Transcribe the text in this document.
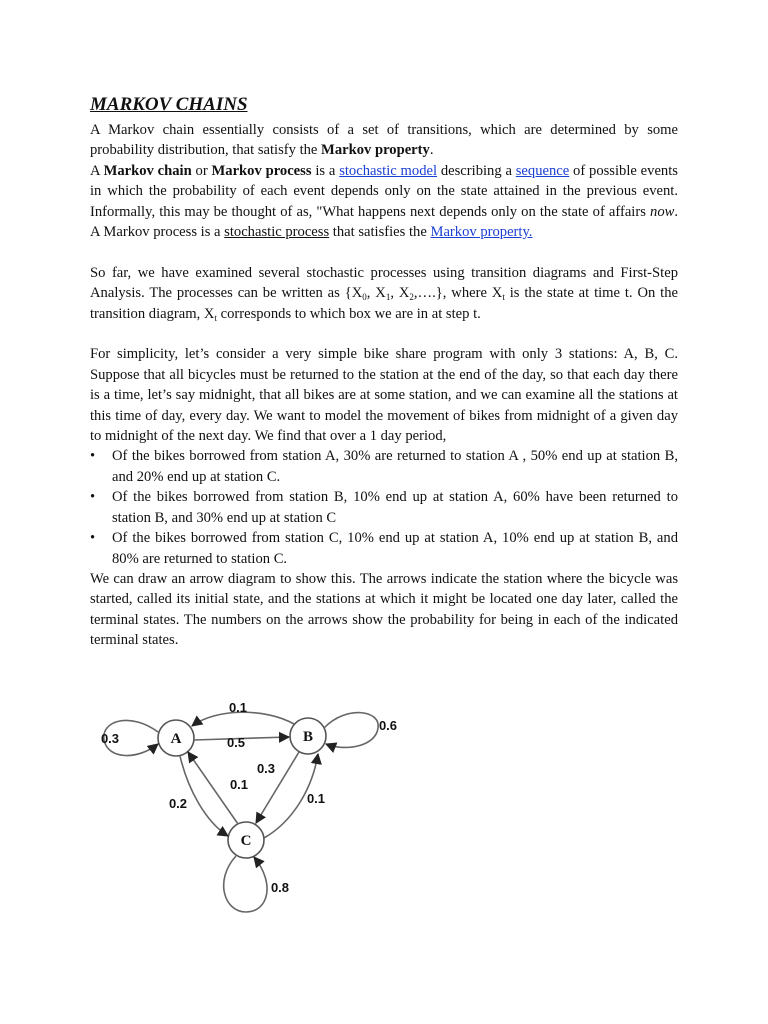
MARKOV CHAINS

A Markov chain essentially consists of a set of transitions, which are determined by some probability distribution, that satisfy the Markov property.

A Markov chain or Markov process is a stochastic model describing a sequence of possible events in which the probability of each event depends only on the state attained in the previous event. Informally, this may be thought of as, "What happens next depends only on the state of affairs now. A Markov process is a stochastic process that satisfies the Markov property.

So far, we have examined several stochastic processes using transition diagrams and First-Step Analysis. The processes can be written as {$X_0$, $X_1$, $X_2,\dots$.}, where $X_t$ is the state at time t. On the transition diagram, $X_t$ corresponds to which box we are in at step t.

For simplicity, let’s consider a very simple bike share program with only 3 stations: A, B, C. Suppose that all bicycles must be returned to the station at the end of the day, so that each day there is a time, let’s say midnight, that all bikes are at some station, and we can examine all the stations at this time of day, every day. We want to model the movement of bikes from midnight of a given day to midnight of the next day. We find that over a 1 day period,

• Of the bikes borrowed from station A, 30% are returned to station A , 50% end up at station B, and 20% end up at station C.
• Of the bikes borrowed from station B, 10% end up at station A, 60% have been returned to station B, and 30% end up at station C
• Of the bikes borrowed from station C, 10% end up at station A, 10% end up at station B, and 80% are returned to station C.

We can draw an arrow diagram to show this. The arrows indicate the station where the bicycle was started, called its initial state, and the stations at which it might be located one day later, called the terminal states. The numbers on the arrows show the probability for being in each of the indicated terminal states.

A	B
C
0.3
0.6
0.8
0.1
0.5
0.2
0.1
0.3
0.1
